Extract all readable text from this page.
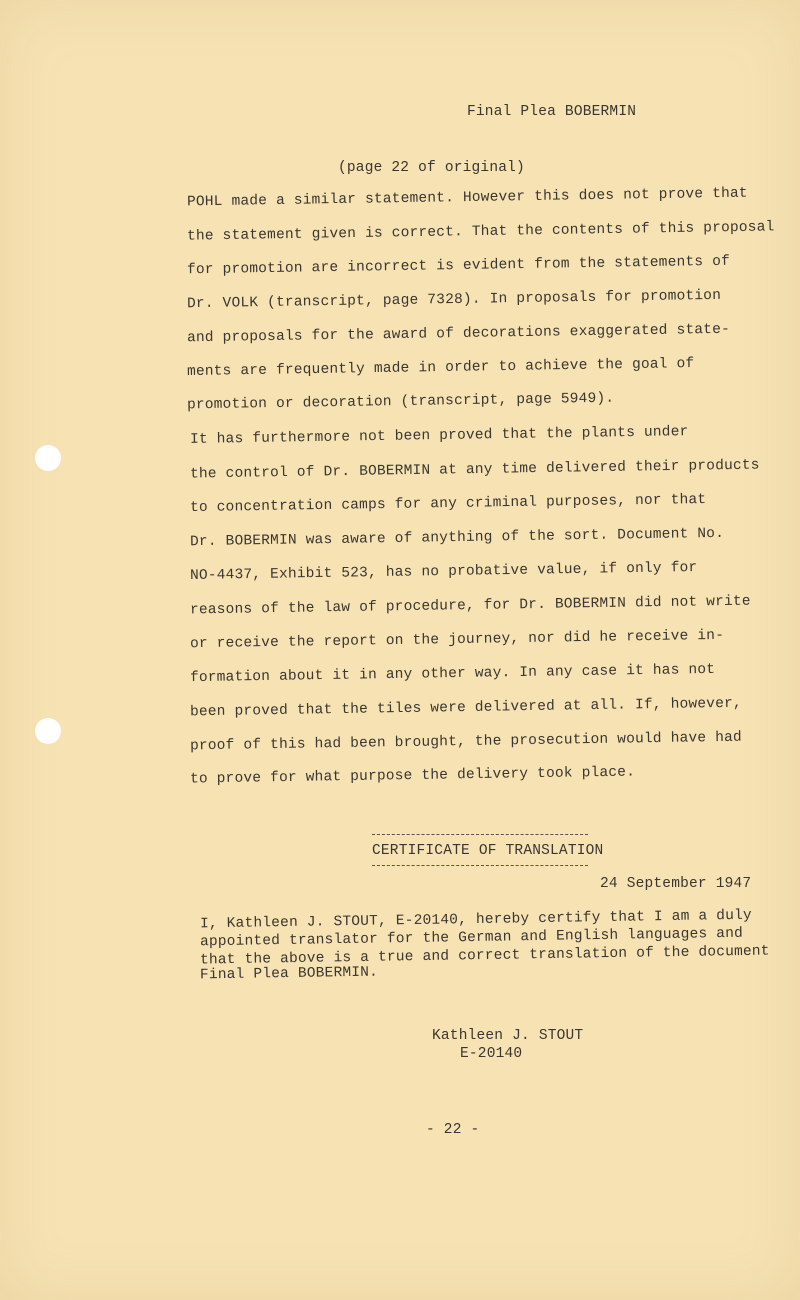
Final Plea BOBERMIN
(page 22 of original)
POHL made a similar statement. However this does not prove that
the statement given is correct. That the contents of this proposal
for promotion are incorrect is evident from the statements of
Dr. VOLK (transcript, page 7328). In proposals for promotion
and proposals for the award of decorations exaggerated state-
ments are frequently made in order to achieve the goal of
promotion or decoration (transcript, page 5949).
It has furthermore not been proved that the plants under
the control of Dr. BOBERMIN at any time delivered their products
to concentration camps for any criminal purposes, nor that
Dr. BOBERMIN was aware of anything of the sort. Document No.
NO-4437, Exhibit 523, has no probative value, if only for
reasons of the law of procedure, for Dr. BOBERMIN did not write
or receive the report on the journey, nor did he receive in-
formation about it in any other way. In any case it has not
been proved that the tiles were delivered at all. If, however,
proof of this had been brought, the prosecution would have had
to prove for what purpose the delivery took place.
CERTIFICATE OF TRANSLATION
24 September 1947
I, Kathleen J. STOUT, E-20140, hereby certify that I am a duly
appointed translator for the German and English languages and
that the above is a true and correct translation of the document
Final Plea BOBERMIN.
Kathleen J. STOUT
E-20140
- 22 -
